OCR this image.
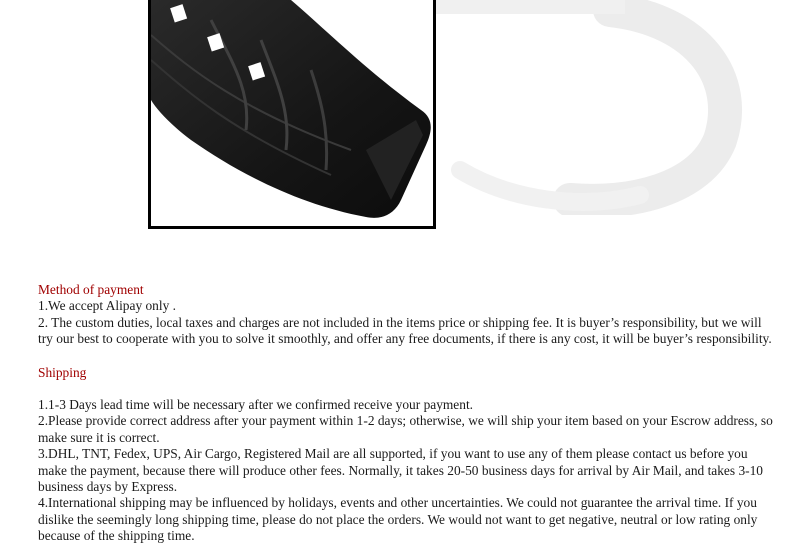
Method of payment

1.We accept Alipay only .

2. The custom duties, local taxes and charges are not included in the items price or shipping fee. It is buyer’s responsibility, but we will try our best to cooperate with you to solve it smoothly, and offer any free documents, if there is any cost, it will be buyer’s responsibility.

Shipping

1.1-3 Days lead time will be necessary after we confirmed receive your payment.

2.Please provide correct address after your payment within 1-2 days; otherwise, we will ship your item based on your Escrow address, so make sure it is correct.

3.DHL, TNT, Fedex, UPS, Air Cargo, Registered Mail are all supported, if you want to use any of them please contact us before you make the payment, because there will produce other fees. Normally, it takes 20-50 business days for arrival by Air Mail, and takes 3-10 business days by Express.

4.International shipping may be influenced by holidays, events and other uncertainties. We could not guarantee the arrival time. If you dislike the seemingly long shipping time, please do not place the orders. We would not want to get negative, neutral or low rating only because of the shipping time.
